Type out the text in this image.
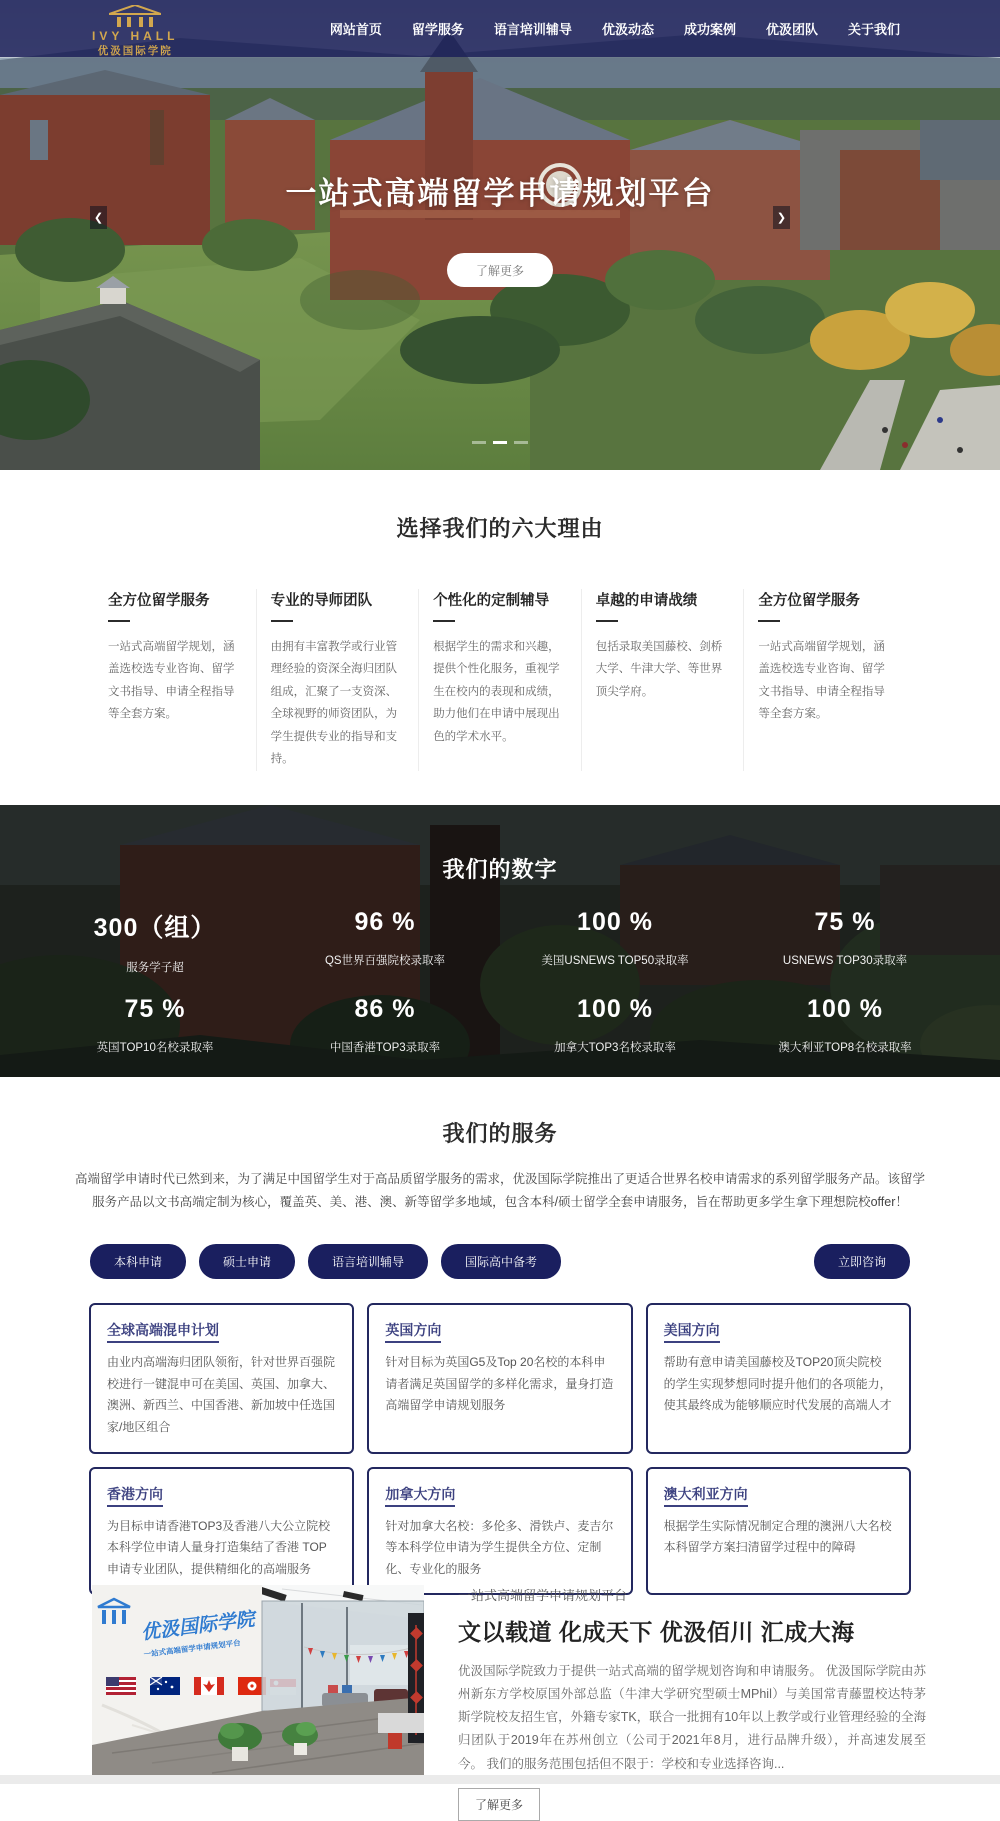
IVY HALL
优汲国际学院
网站首页 留学服务 语言培训辅导 优汲动态 成功案例 优汲团队 关于我们
一站式高端留学申请规划平台
了解更多
❮	❯
选择我们的六大理由
全方位留学服务
一站式高端留学规划，涵盖选校选专业咨询、留学文书指导、申请全程指导等全套方案。
专业的导师团队
由拥有丰富教学或行业管理经验的资深全海归团队组成，汇聚了一支资深、全球视野的师资团队，为学生提供专业的指导和支持。
个性化的定制辅导
根据学生的需求和兴趣，提供个性化服务，重视学生在校内的表现和成绩，助力他们在申请中展现出色的学术水平。
卓越的申请战绩
包括录取美国藤校、剑桥大学、牛津大学、等世界顶尖学府。
全方位留学服务
一站式高端留学规划，涵盖选校选专业咨询、留学文书指导、申请全程指导等全套方案。
我们的数字
300（组）
服务学子超
96 %
QS世界百强院校录取率
100 %
美国USNEWS TOP50录取率
75 %
USNEWS TOP30录取率
75 %
英国TOP10名校录取率
86 %
中国香港TOP3录取率
100 %
加拿大TOP3名校录取率
100 %
澳大利亚TOP8名校录取率
我们的服务

高端留学申请时代已然到来，为了满足中国留学生对于高品质留学服务的需求，优汲国际学院推出了更适合世界名校申请需求的系列留学服务产品。该留学服务产品以文书高端定制为核心，覆盖英、美、港、澳、新等留学多地域，包含本科/硕士留学全套申请服务，旨在帮助更多学生拿下理想院校offer！

本科申请	硕士申请	语言培训辅导	国际高中备考	立即咨询
全球高端混申计划
由业内高端海归团队领衔，针对世界百强院校进行一键混申可在美国、英国、加拿大、澳洲、新西兰、中国香港、新加坡中任选国家/地区组合
英国方向
针对目标为英国G5及Top 20名校的本科申请者满足英国留学的多样化需求，量身打造高端留学申请规划服务
美国方向
帮助有意申请美国藤校及TOP20顶尖院校的学生实现梦想同时提升他们的各项能力，使其最终成为能够顺应时代发展的高端人才
香港方向
为目标申请香港TOP3及香港八大公立院校本科学位申请人量身打造集结了香港 TOP申请专业团队，提供精细化的高端服务
加拿大方向
针对加拿大名校：多伦多、滑铁卢、麦吉尔等本科学位申请为学生提供全方位、定制化、专业化的服务
澳大利亚方向
根据学生实际情况制定合理的澳洲八大名校本科留学方案扫清留学过程中的障碍
优汲国际学院
一站式高端留学申请规划平台
一站式高端留学申请规划平台
文以载道 化成天下 优汲佰川 汇成大海

优汲国际学院致力于提供一站式高端的留学规划咨询和申请服务。 优汲国际学院由苏州新东方学校原国外部总监（牛津大学研究型硕士MPhil）与美国常青藤盟校达特茅斯学院校友招生官，外籍专家TK，联合一批拥有10年以上教学或行业管理经验的全海归团队于2019年在苏州创立（公司于2021年8月，进行品牌升级），并高速发展至今。 我们的服务范围包括但不限于：学校和专业选择咨询...

了解更多
